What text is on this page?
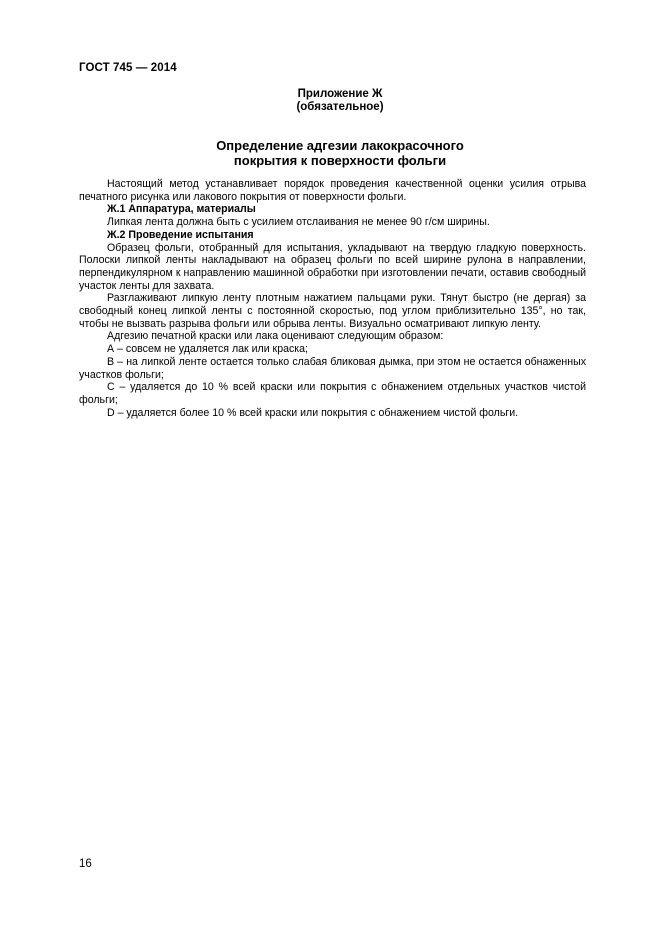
ГОСТ 745 — 2014
Приложение Ж
(обязательное)
Определение адгезии лакокрасочного
покрытия к поверхности фольги

Настоящий метод устанавливает порядок проведения качественной оценки усилия отрыва печатного рисунка или лакового покрытия от поверхности фольги.

Ж.1 Аппаратура, материалы

Липкая лента должна быть с усилием отслаивания не менее 90 г/см ширины.

Ж.2 Проведение испытания

Образец фольги, отобранный для испытания, укладывают на твердую гладкую поверхность. Полоски липкой ленты накладывают на образец фольги по всей ширине рулона в направлении, перпендикулярном к направлению машинной обработки при изготовлении печати, оставив свободный участок ленты для захвата.

Разглаживают липкую ленту плотным нажатием пальцами руки. Тянут быстро (не дергая) за свободный конец липкой ленты с постоянной скоростью, под углом приблизительно 135°, но так, чтобы не вызвать разрыва фольги или обрыва ленты. Визуально осматривают липкую ленту.

Адгезию печатной краски или лака оценивают следующим образом:

А – совсем не удаляется лак или краска;

В – на липкой ленте остается только слабая бликовая дымка, при этом не остается обнаженных участков фольги;

С – удаляется до 10 % всей краски или покрытия с обнажением отдельных участков чистой фольги;

D – удаляется более 10 % всей краски или покрытия с обнажением чистой фольги.

16
